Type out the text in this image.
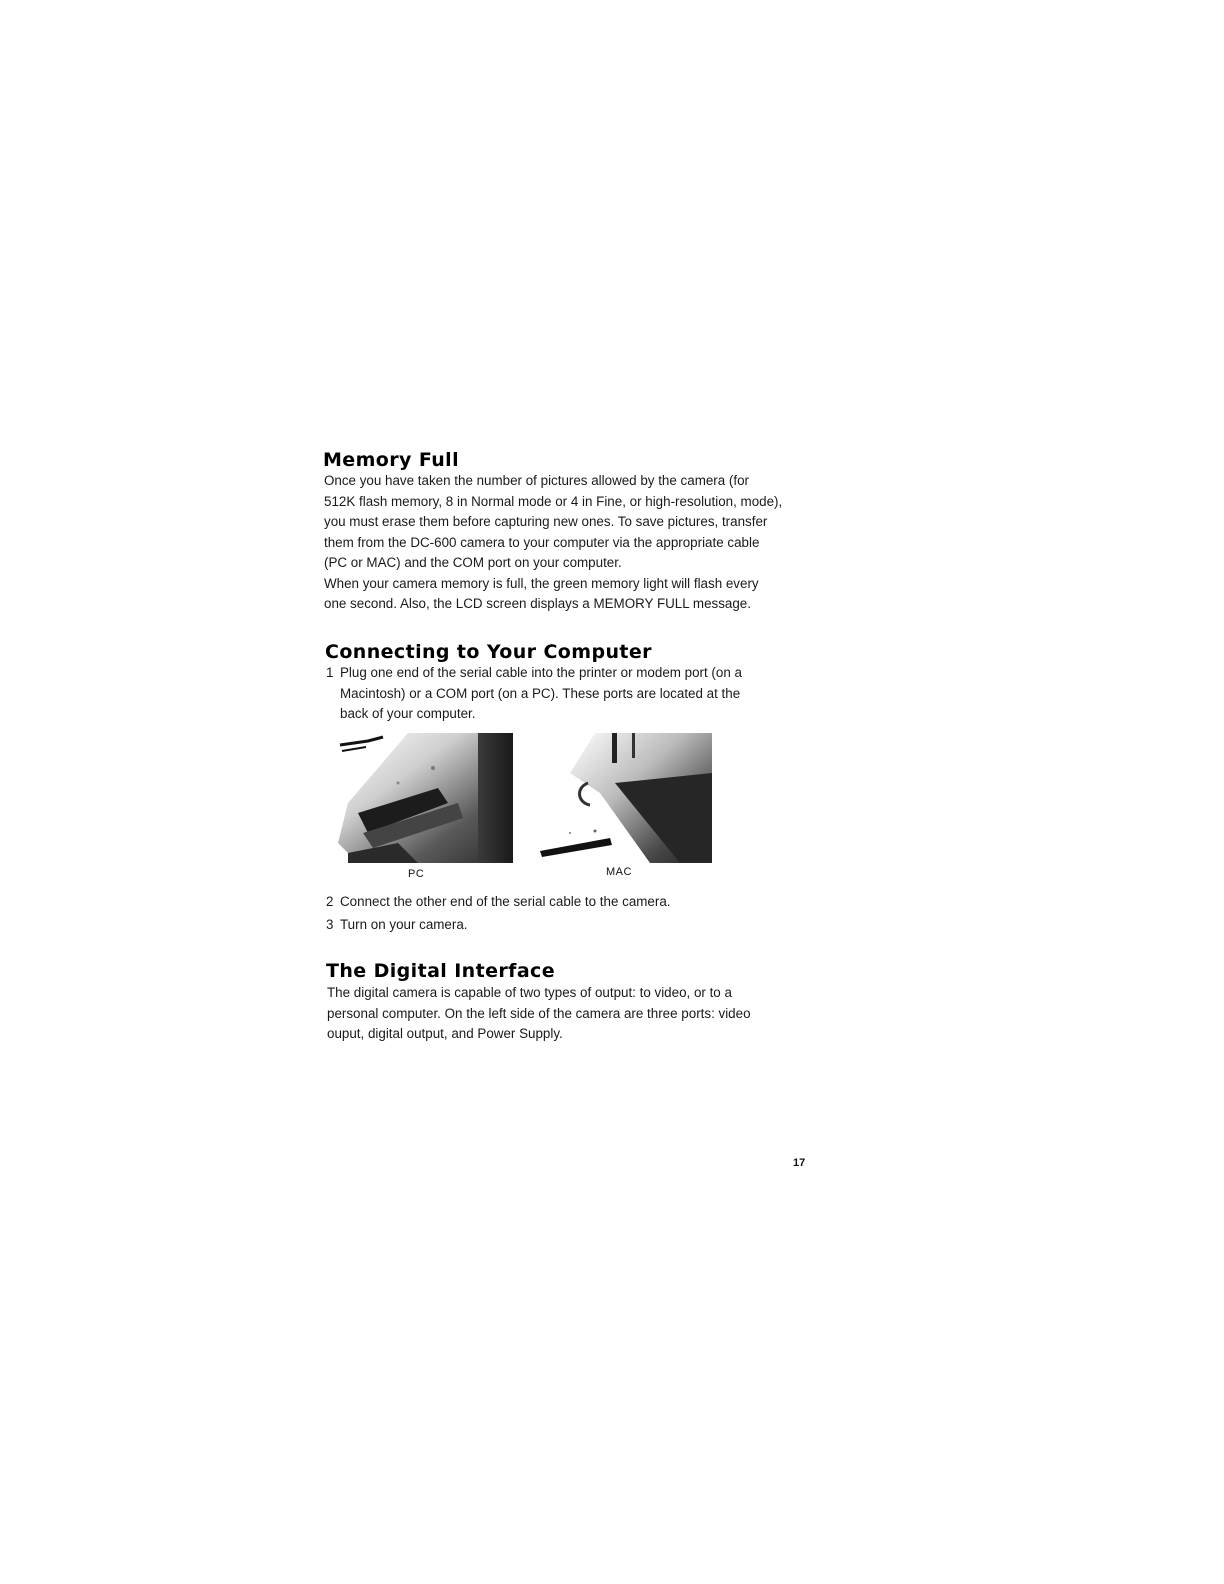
Memory Full
Once you have taken the number of pictures allowed by the camera (for
512K flash memory, 8 in Normal mode or 4 in Fine, or high-resolution, mode),
you must erase them before capturing new ones. To save pictures, transfer
them from the DC-600 camera to your computer via the appropriate cable
(PC or MAC) and the COM port on your computer.
When your camera memory is full, the green memory light will flash every
one second. Also, the LCD screen displays a MEMORY FULL message.
Connecting to Your Computer
1 Plug one end of the serial cable into the printer or modem port (on a
Macintosh) or a COM port (on a PC). These ports are located at the
back of your computer.
PC	MAC
2 Connect the other end of the serial cable to the camera.
3 Turn on your camera.
The Digital Interface
The digital camera is capable of two types of output: to video, or to a
personal computer. On the left side of the camera are three ports: video
ouput, digital output, and Power Supply.
17
